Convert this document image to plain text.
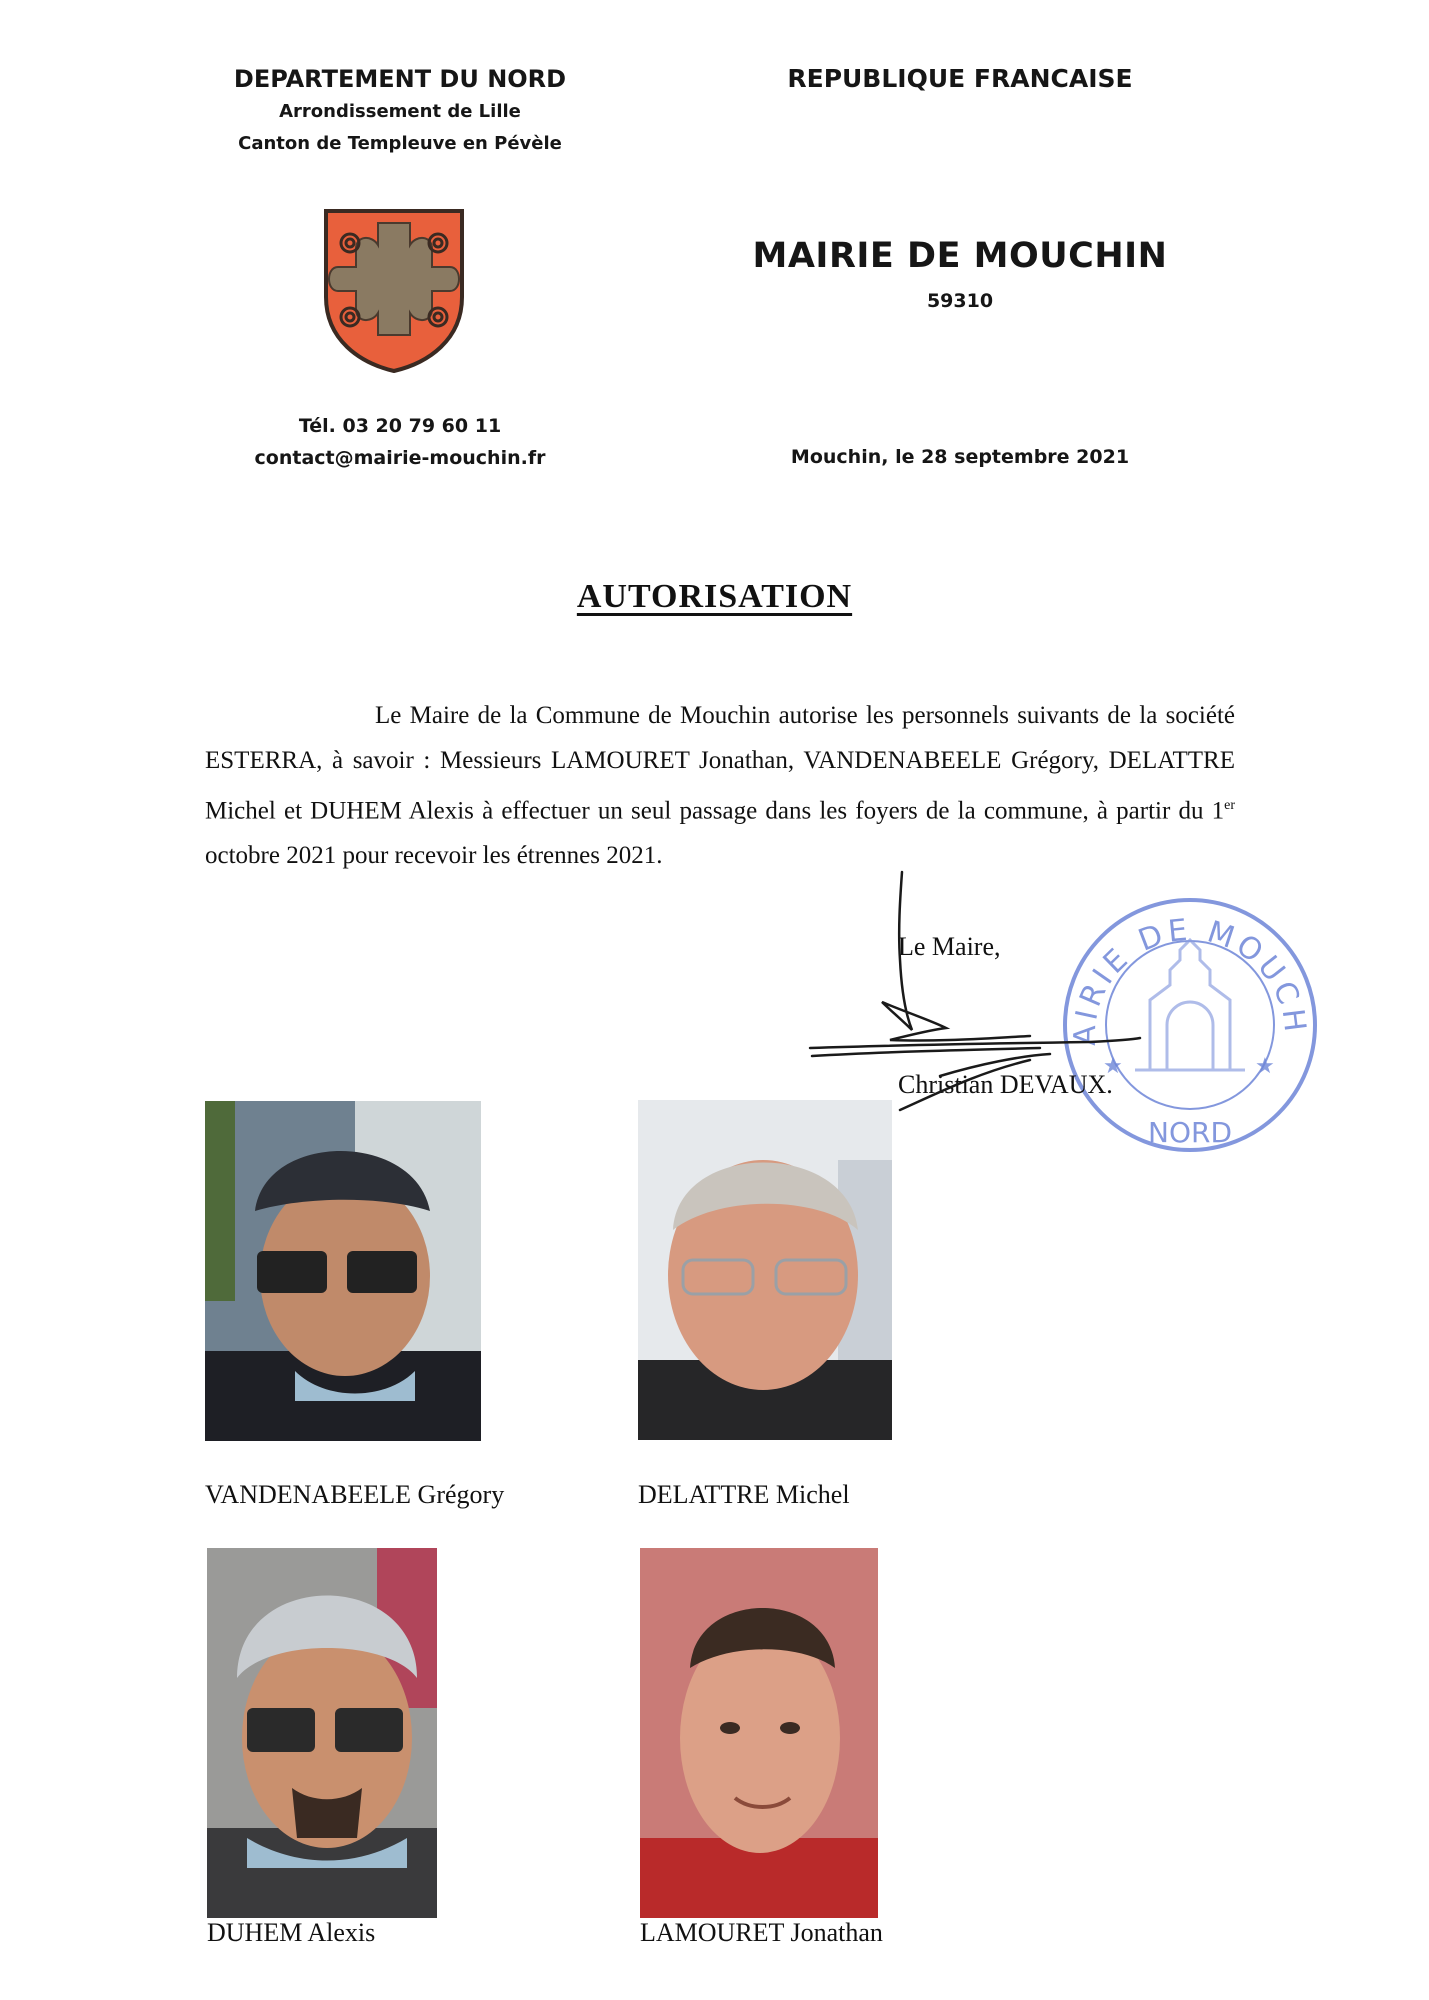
DEPARTEMENT DU NORD
Arrondissement de Lille
Canton de Templeuve en Pévèle
REPUBLIQUE FRANCAISE
MAIRIE DE MOUCHIN
59310
Tél. 03 20 79 60 11
contact@mairie-mouchin.fr	Mouchin, le 28 septembre 2021
AUTORISATION
Le Maire de la Commune de Mouchin autorise les personnels suivants de la société ESTERRA, à savoir : Messieurs LAMOURET Jonathan, VANDENABEELE Grégory, DELATTRE Michel et DUHEM Alexis à effectuer un seul passage dans les foyers de la commune, à partir du 1er octobre 2021 pour recevoir les étrennes 2021.
AIRIE DE MOUCH
NORD
★	★
Le Maire,
Christian DEVAUX.
VANDENABEELE Grégory	DELATTRE Michel
DUHEM Alexis	LAMOURET Jonathan
